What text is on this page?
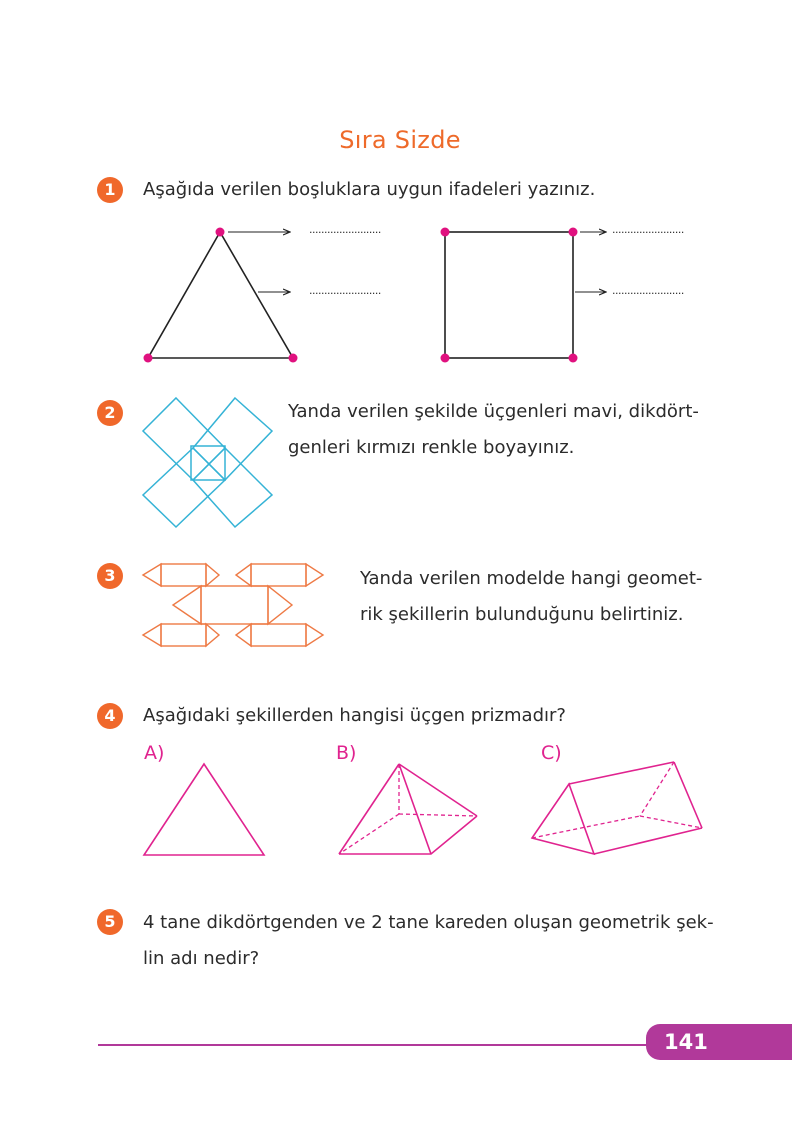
Sıra Sizde
1	Aşağıda verilen boşluklara uygun ifadeleri yazınız.
........................
........................
........................
........................
2	Yanda verilen şekilde üçgenleri mavi, dikdört-
genleri kırmızı renkle boyayınız.
3	Yanda verilen modelde hangi geomet-
rik şekillerin bulunduğunu belirtiniz.
4	Aşağıdaki şekillerden hangisi üçgen prizmadır?
A)	B)	C)
5	4 tane dikdörtgenden ve 2 tane kareden oluşan geometrik şek-
lin adı nedir?
141
